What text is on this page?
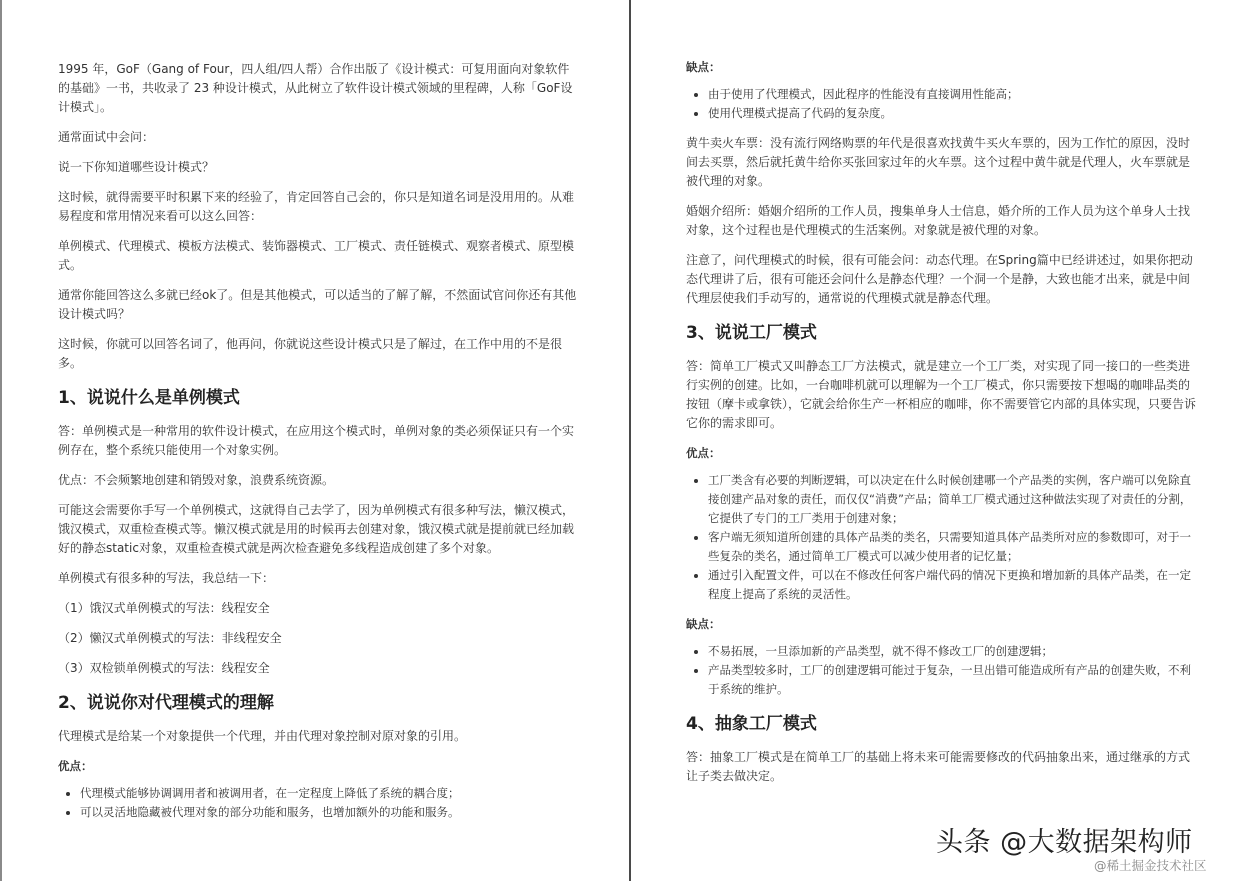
1995 年，GoF（Gang of Four，四人组/四人帮）合作出版了《设计模式：可复用面向对象软件的基础》一书，共收录了 23 种设计模式，从此树立了软件设计模式领域的里程碑，人称「GoF设计模式」。

通常面试中会问：

说一下你知道哪些设计模式？

这时候，就得需要平时积累下来的经验了，肯定回答自己会的，你只是知道名词是没用用的。从难易程度和常用情况来看可以这么回答：

单例模式、代理模式、模板方法模式、装饰器模式、工厂模式、责任链模式、观察者模式、原型模式。

通常你能回答这么多就已经ok了。但是其他模式，可以适当的了解了解，不然面试官问你还有其他设计模式吗？

这时候，你就可以回答名词了，他再问，你就说这些设计模式只是了解过，在工作中用的不是很多。

1、说说什么是单例模式

答：单例模式是一种常用的软件设计模式，在应用这个模式时，单例对象的类必须保证只有一个实例存在，整个系统只能使用一个对象实例。

优点：不会频繁地创建和销毁对象，浪费系统资源。

可能这会需要你手写一个单例模式，这就得自己去学了，因为单例模式有很多种写法，懒汉模式，饿汉模式，双重检查模式等。懒汉模式就是用的时候再去创建对象，饿汉模式就是提前就已经加载好的静态static对象，双重检查模式就是两次检查避免多线程造成创建了多个对象。

单例模式有很多种的写法，我总结一下：

（1）饿汉式单例模式的写法：线程安全

（2）懒汉式单例模式的写法：非线程安全

（3）双检锁单例模式的写法：线程安全

2、说说你对代理模式的理解

代理模式是给某一个对象提供一个代理，并由代理对象控制对原对象的引用。

优点：

• 代理模式能够协调调用者和被调用者，在一定程度上降低了系统的耦合度；
• 可以灵活地隐藏被代理对象的部分功能和服务，也增加额外的功能和服务。

缺点：

• 由于使用了代理模式，因此程序的性能没有直接调用性能高；
• 使用代理模式提高了代码的复杂度。

黄牛卖火车票：没有流行网络购票的年代是很喜欢找黄牛买火车票的，因为工作忙的原因，没时间去买票，然后就托黄牛给你买张回家过年的火车票。这个过程中黄牛就是代理人，火车票就是被代理的对象。

婚姻介绍所：婚姻介绍所的工作人员，搜集单身人士信息，婚介所的工作人员为这个单身人士找对象，这个过程也是代理模式的生活案例。对象就是被代理的对象。

注意了，问代理模式的时候，很有可能会问：动态代理。在Spring篇中已经讲述过，如果你把动态代理讲了后，很有可能还会问什么是静态代理？一个洞一个是静，大致也能才出来，就是中间代理层使我们手动写的，通常说的代理模式就是静态代理。

3、说说工厂模式

答：简单工厂模式又叫静态工厂方法模式，就是建立一个工厂类，对实现了同一接口的一些类进行实例的创建。比如，一台咖啡机就可以理解为一个工厂模式，你只需要按下想喝的咖啡品类的按钮（摩卡或拿铁），它就会给你生产一杯相应的咖啡，你不需要管它内部的具体实现，只要告诉它你的需求即可。

优点：

• 工厂类含有必要的判断逻辑，可以决定在什么时候创建哪一个产品类的实例，客户端可以免除直接创建产品对象的责任，而仅仅“消费”产品；简单工厂模式通过这种做法实现了对责任的分割，它提供了专门的工厂类用于创建对象；
• 客户端无须知道所创建的具体产品类的类名，只需要知道具体产品类所对应的参数即可，对于一些复杂的类名，通过简单工厂模式可以减少使用者的记忆量；
• 通过引入配置文件，可以在不修改任何客户端代码的情况下更换和增加新的具体产品类，在一定程度上提高了系统的灵活性。

缺点：

• 不易拓展，一旦添加新的产品类型，就不得不修改工厂的创建逻辑；
• 产品类型较多时，工厂的创建逻辑可能过于复杂，一旦出错可能造成所有产品的创建失败，不利于系统的维护。
4、抽象工厂模式

答：抽象工厂模式是在简单工厂的基础上将未来可能需要修改的代码抽象出来，通过继承的方式让子类去做决定。

头条 @大数据架构师
@稀土掘金技术社区
